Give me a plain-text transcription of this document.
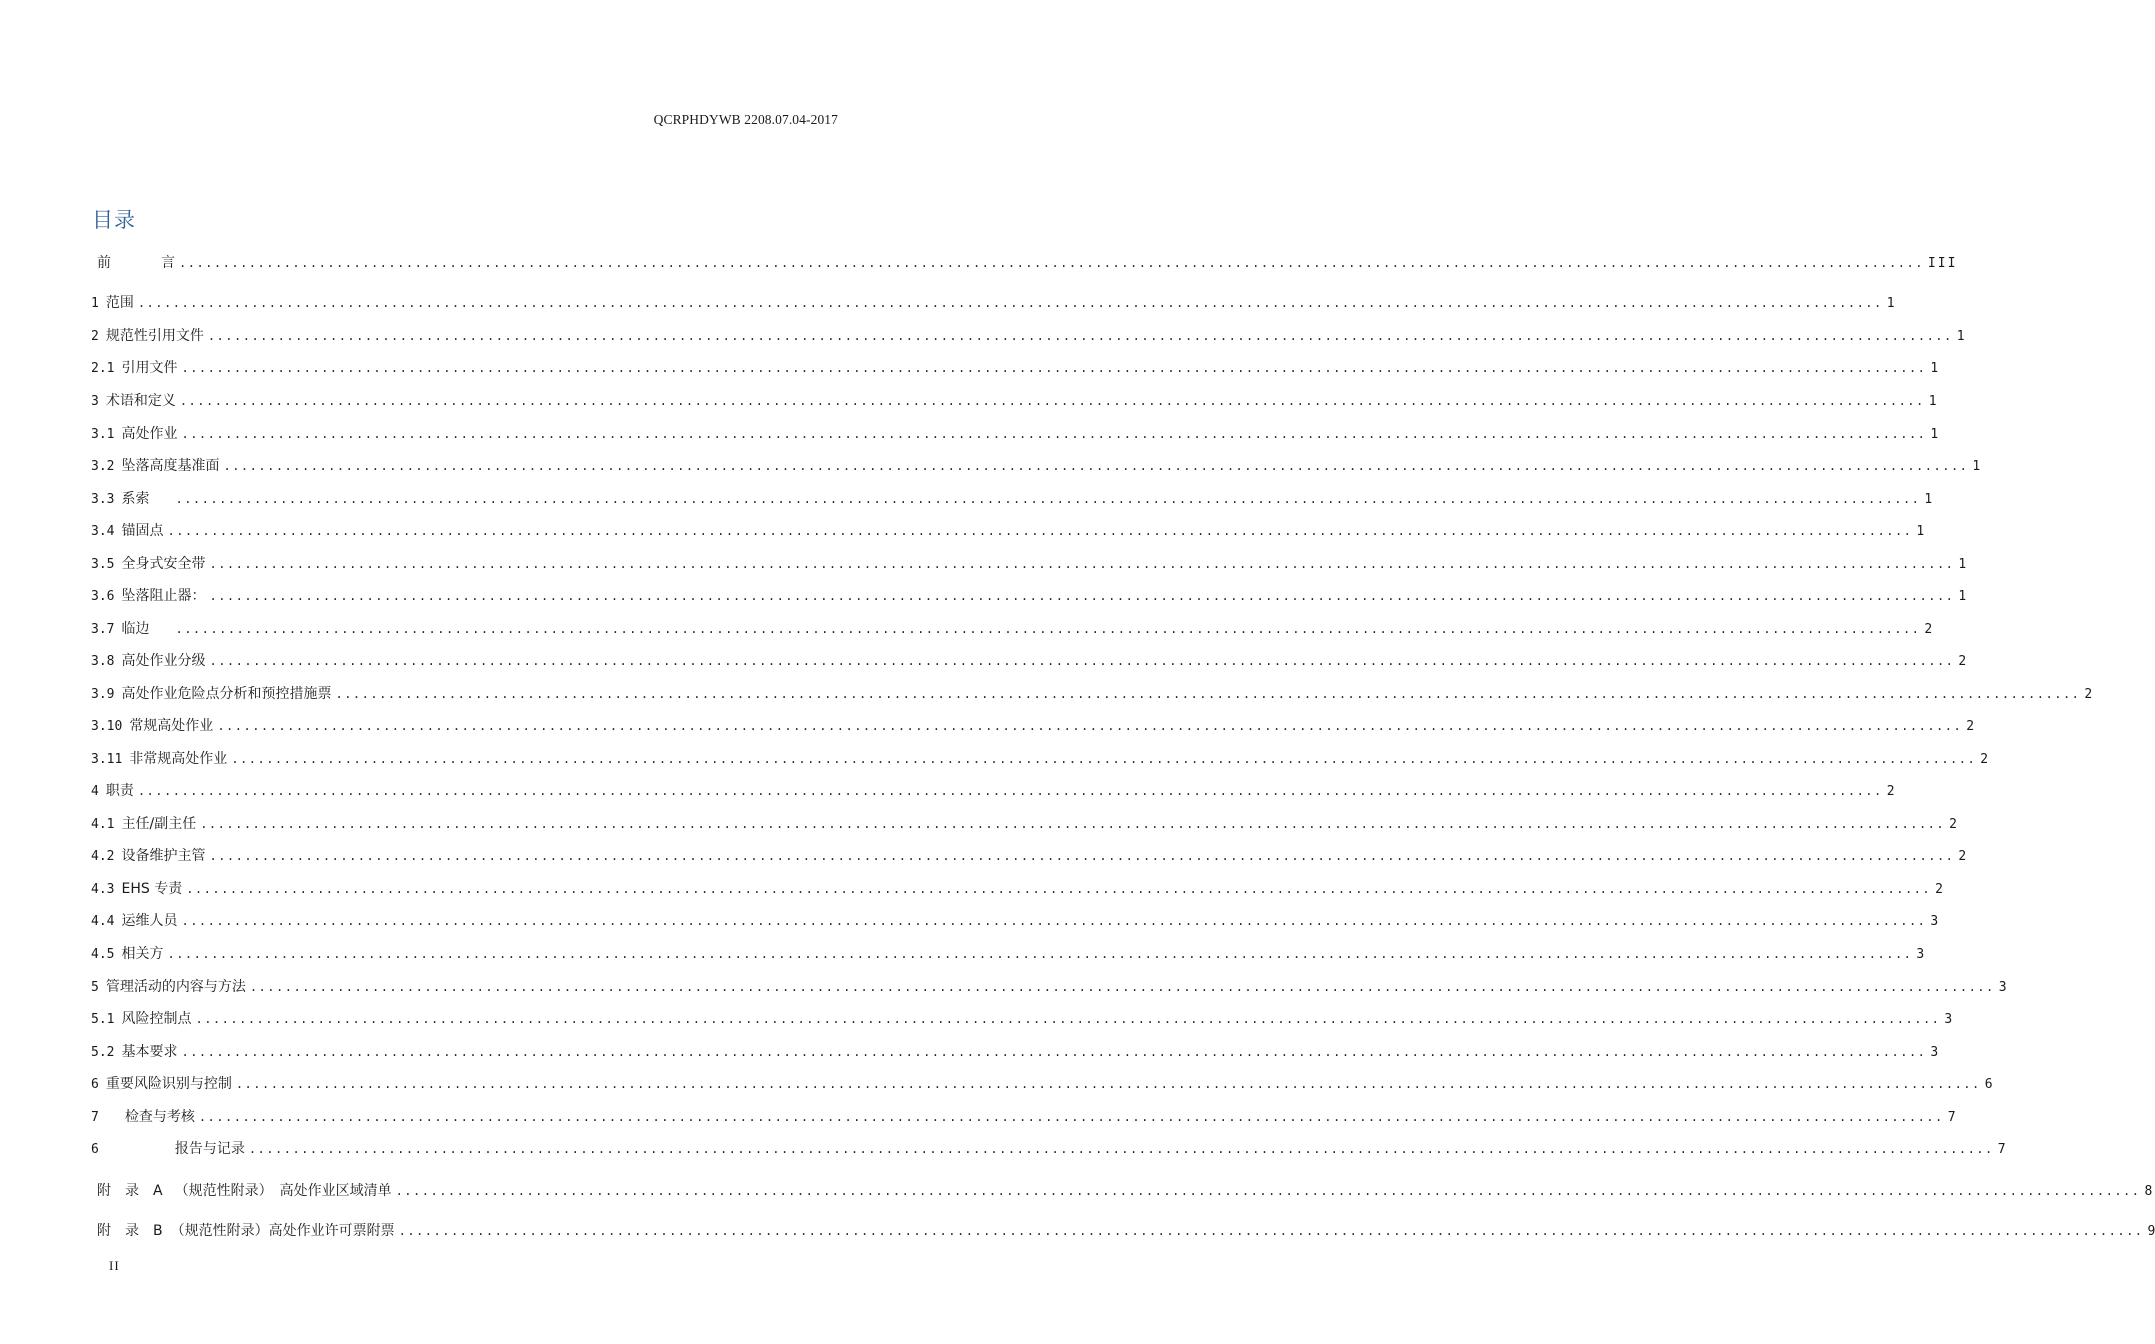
QCRPHDYWB 2208.07.04-2017
目录
前	言 ........................................................................................................................................................................................................ III
1 范围 ........................................................................................................................................................................................................ 1
2 规范性引用文件 ........................................................................................................................................................................................................ 1
2.1 引用文件 ........................................................................................................................................................................................................ 1
3 术语和定义 ........................................................................................................................................................................................................ 1
3.1 高处作业 ........................................................................................................................................................................................................ 1
3.2 坠落高度基准面 ........................................................................................................................................................................................................ 1
3.3 系索	........................................................................................................................................................................................................ 1
3.4 锚固点 ........................................................................................................................................................................................................ 1
3.5 全身式安全带 ........................................................................................................................................................................................................ 1
3.6 坠落阻止器： ........................................................................................................................................................................................................ 1
3.7 临边	........................................................................................................................................................................................................ 2
3.8 高处作业分级 ........................................................................................................................................................................................................ 2
3.9 高处作业危险点分析和预控措施票 ........................................................................................................................................................................................................ 2
3.10 常规高处作业 ........................................................................................................................................................................................................ 2
3.11 非常规高处作业 ........................................................................................................................................................................................................ 2
4 职责 ........................................................................................................................................................................................................ 2
4.1 主任/副主任 ........................................................................................................................................................................................................ 2
4.2 设备维护主管 ........................................................................................................................................................................................................ 2
4.3 EHS 专责 ........................................................................................................................................................................................................ 2
4.4 运维人员 ........................................................................................................................................................................................................ 3
4.5 相关方 ........................................................................................................................................................................................................ 3
5 管理活动的内容与方法 ........................................................................................................................................................................................................ 3
5.1 风险控制点 ........................................................................................................................................................................................................ 3
5.2 基本要求 ........................................................................................................................................................................................................ 3
6 重要风险识别与控制 ........................................................................................................................................................................................................ 6
7 检查与考核 ........................................................................................................................................................................................................ 7
6	报告与记录 ........................................................................................................................................................................................................ 7
附　录　A （规范性附录）　高处作业区域清单 ........................................................................................................................................................................................................ 8
附　录　B （规范性附录）高处作业许可票附票 ........................................................................................................................................................................................................ 9
II
